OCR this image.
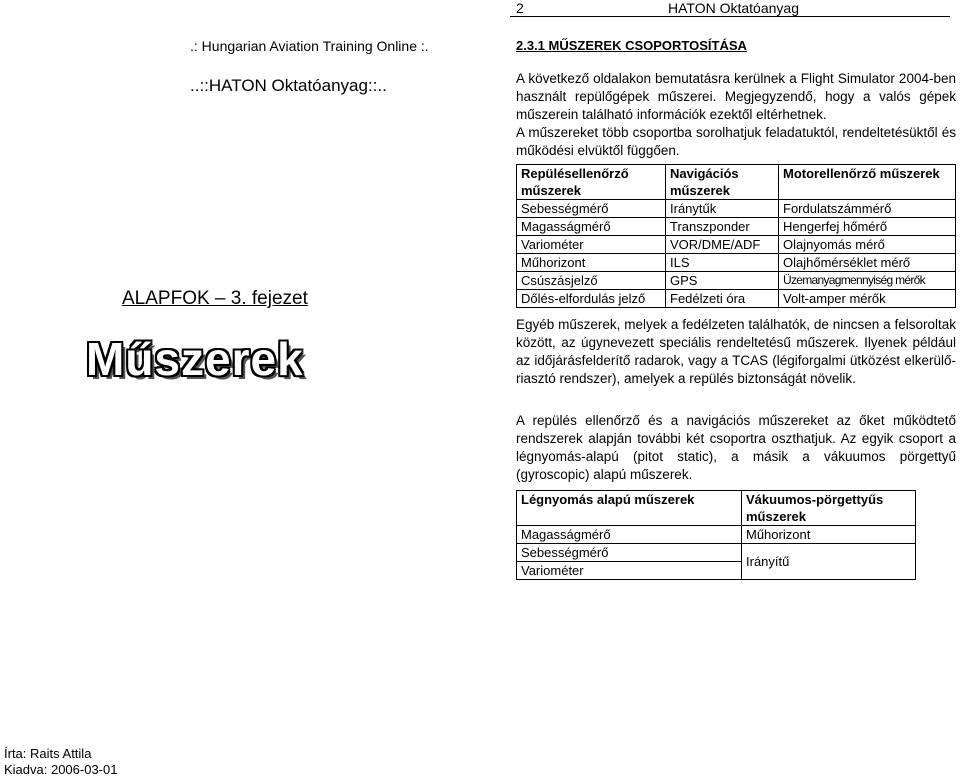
2	HATON Oktatóanyag
.: Hungarian Aviation Training Online :.
..::HATON Oktatóanyag::..
ALAPFOK – 3. fejezet
Műszerek
2.3.1 MŰSZEREK CSOPORTOSÍTÁSA
A következő oldalakon bemutatásra kerülnek a Flight Simulator 2004-ben használt repülőgépek műszerei. Megjegyzendő, hogy a valós gépek műszerein található információk ezektől eltérhetnek.
A műszereket több csoportba sorolhatjuk feladatuktól, rendeltetésüktől és működési elvüktől függően.
Repülésellenőrző műszerek	Navigációs műszerek	Motorellenőrző műszerek
Sebességmérő	Iránytűk	Fordulatszámmérő
Magasságmérő	Transzponder	Hengerfej hőmérő
Variométer	VOR/DME/ADF	Olajnyomás mérő
Műhorizont	ILS	Olajhőmérséklet mérő
Csúszásjelző	GPS	Üzemanyagmennyiség mérők
Dőlés-elfordulás jelző	Fedélzeti óra	Volt-amper mérők
Egyéb műszerek, melyek a fedélzeten találhatók, de nincsen a felsoroltak között, az úgynevezett speciális rendeltetésű műszerek. Ilyenek például az időjárásfelderítő radarok, vagy a TCAS (légiforgalmi ütközést elkerülő-riasztó rendszer), amelyek a repülés biztonságát növelik.
A repülés ellenőrző és a navigációs műszereket az őket működtető rendszerek alapján további két csoportra oszthatjuk. Az egyik csoport a légnyomás-alapú (pitot static), a másik a vákuumos pörgettyű (gyroscopic) alapú műszerek.
Légnyomás alapú műszerek	Vákuumos-pörgettyűs műszerek
Magasságmérő	Műhorizont
Sebességmérő	Irányítű
Variométer	
Írta: Raits Attila
Kiadva: 2006-03-01
